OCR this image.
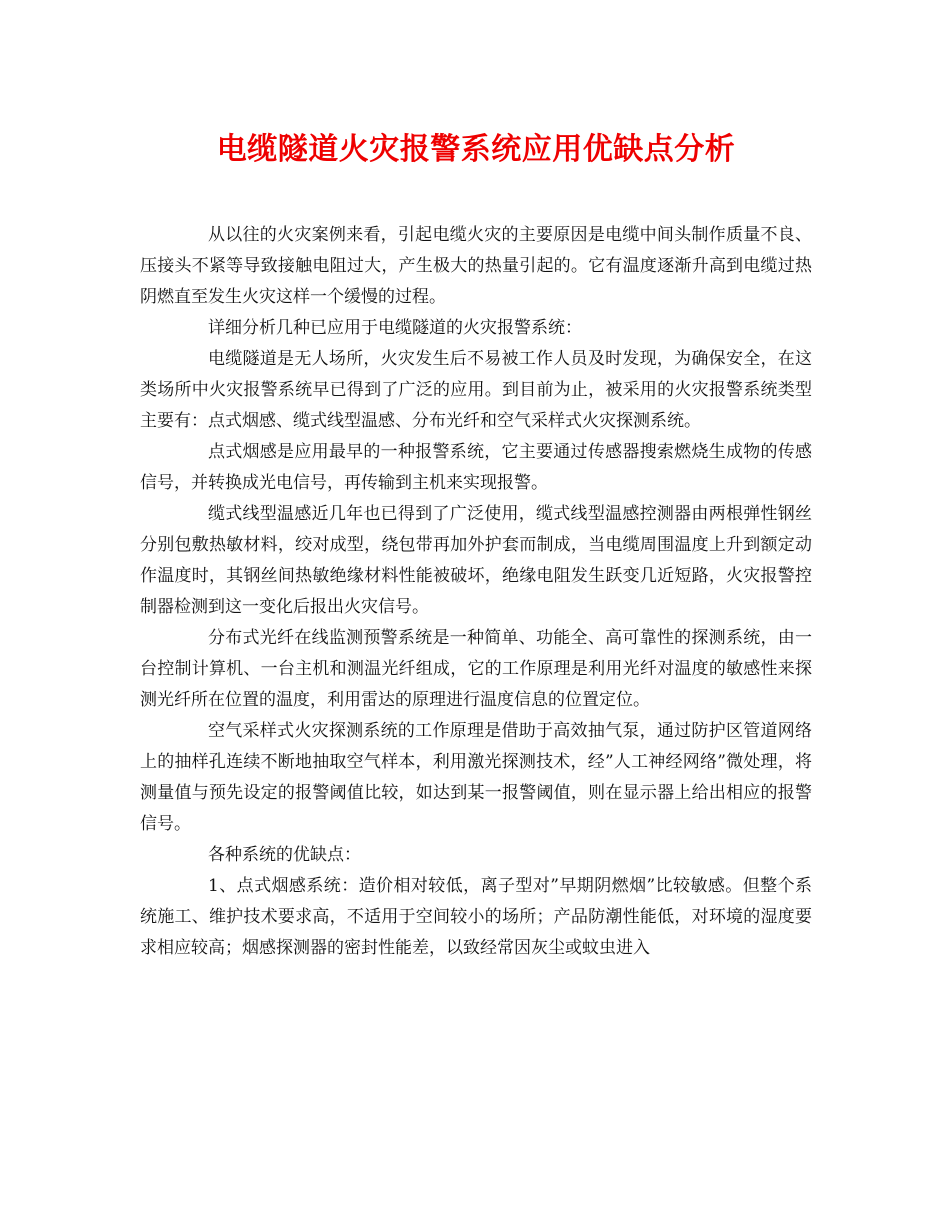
电缆隧道火灾报警系统应用优缺点分析

从以往的火灾案例来看，引起电缆火灾的主要原因是电缆中间头制作质量不良、压接头不紧等导致接触电阻过大，产生极大的热量引起的。它有温度逐渐升高到电缆过热阴燃直至发生火灾这样一个缓慢的过程。

详细分析几种已应用于电缆隧道的火灾报警系统：

电缆隧道是无人场所，火灾发生后不易被工作人员及时发现，为确保安全，在这类场所中火灾报警系统早已得到了广泛的应用。到目前为止，被采用的火灾报警系统类型主要有：点式烟感、缆式线型温感、分布光纤和空气采样式火灾探测系统。

点式烟感是应用最早的一种报警系统，它主要通过传感器搜索燃烧生成物的传感信号，并转换成光电信号，再传输到主机来实现报警。

缆式线型温感近几年也已得到了广泛使用，缆式线型温感控测器由两根弹性钢丝分别包敷热敏材料，绞对成型，绕包带再加外护套而制成，当电缆周围温度上升到额定动作温度时，其钢丝间热敏绝缘材料性能被破坏，绝缘电阻发生跃变几近短路，火灾报警控制器检测到这一变化后报出火灾信号。

分布式光纤在线监测预警系统是一种简单、功能全、高可靠性的探测系统，由一台控制计算机、一台主机和测温光纤组成，它的工作原理是利用光纤对温度的敏感性来探测光纤所在位置的温度，利用雷达的原理进行温度信息的位置定位。

空气采样式火灾探测系统的工作原理是借助于高效抽气泵，通过防护区管道网络上的抽样孔连续不断地抽取空气样本，利用激光探测技术，经”人工神经网络”微处理，将测量值与预先设定的报警阈值比较，如达到某一报警阈值，则在显示器上给出相应的报警信号。

各种系统的优缺点：

1、点式烟感系统：造价相对较低，离子型对”早期阴燃烟”比较敏感。但整个系统施工、维护技术要求高，不适用于空间较小的场所；产品防潮性能低，对环境的湿度要求相应较高；烟感探测器的密封性能差，以致经常因灰尘或蚊虫进入
